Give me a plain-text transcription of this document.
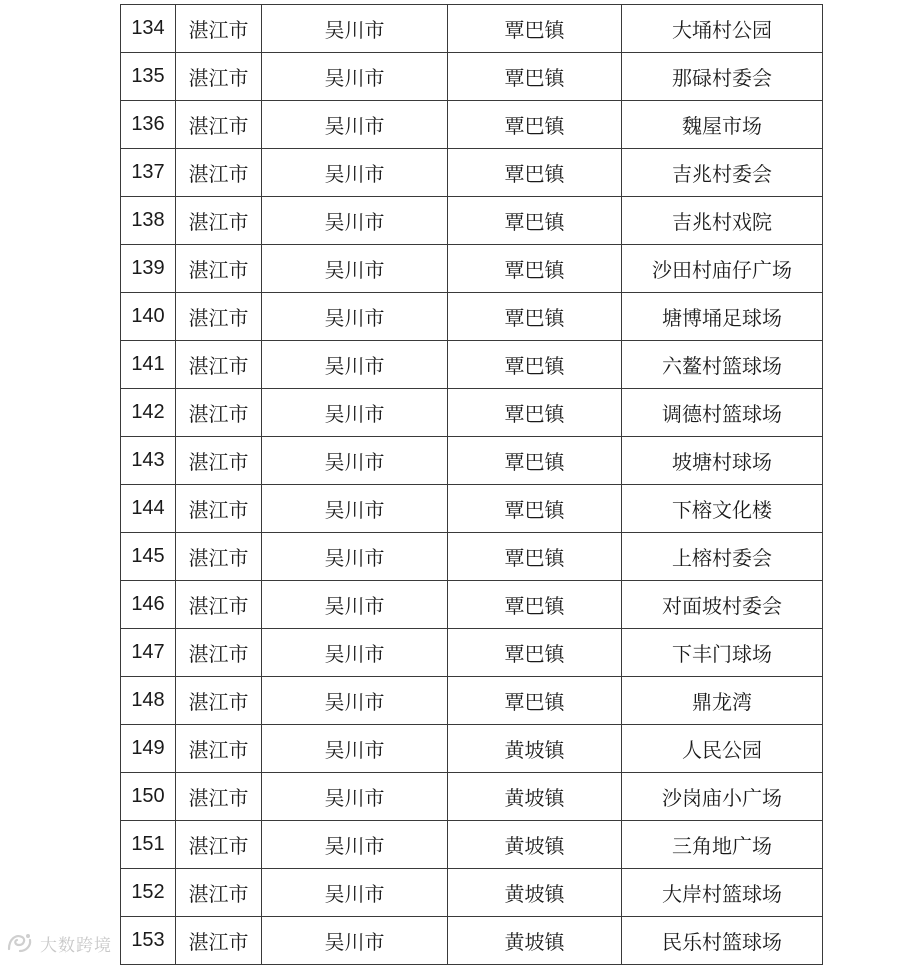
134	湛江市	吴川市	覃巴镇	大埇村公园
135	湛江市	吴川市	覃巴镇	那碌村委会
136	湛江市	吴川市	覃巴镇	魏屋市场
137	湛江市	吴川市	覃巴镇	吉兆村委会
138	湛江市	吴川市	覃巴镇	吉兆村戏院
139	湛江市	吴川市	覃巴镇	沙田村庙仔广场
140	湛江市	吴川市	覃巴镇	塘博埇足球场
141	湛江市	吴川市	覃巴镇	六鳌村篮球场
142	湛江市	吴川市	覃巴镇	调德村篮球场
143	湛江市	吴川市	覃巴镇	坡塘村球场
144	湛江市	吴川市	覃巴镇	下榕文化楼
145	湛江市	吴川市	覃巴镇	上榕村委会
146	湛江市	吴川市	覃巴镇	对面坡村委会
147	湛江市	吴川市	覃巴镇	下丰门球场
148	湛江市	吴川市	覃巴镇	鼎龙湾
149	湛江市	吴川市	黄坡镇	人民公园
150	湛江市	吴川市	黄坡镇	沙岗庙小广场
151	湛江市	吴川市	黄坡镇	三角地广场
152	湛江市	吴川市	黄坡镇	大岸村篮球场
153	湛江市	吴川市	黄坡镇	民乐村篮球场
大数跨境
